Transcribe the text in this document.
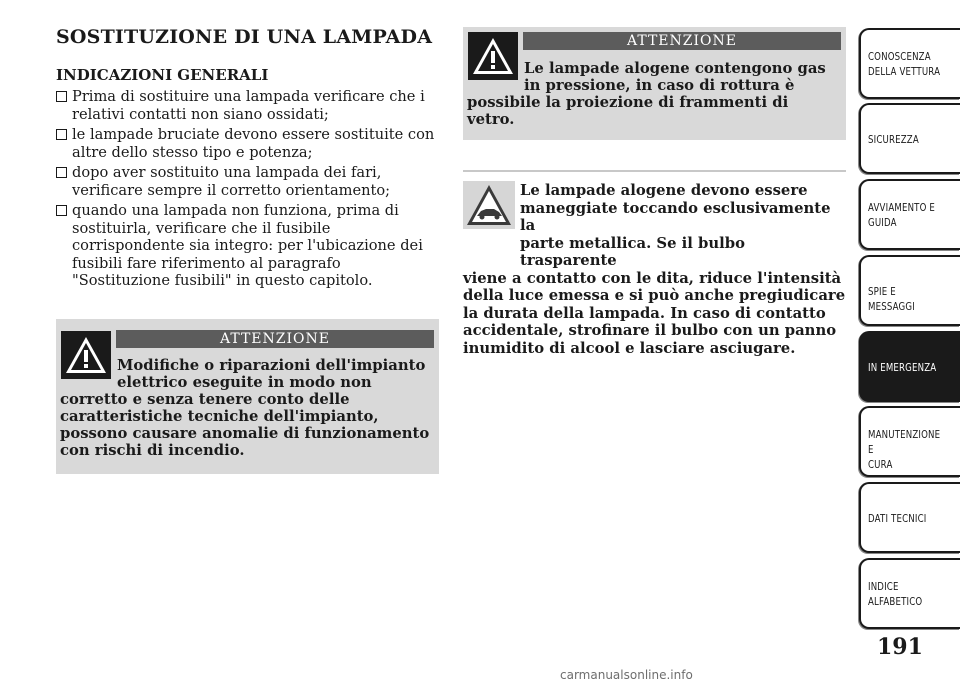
SOSTITUZIONE DI UNA LAMPADA
INDICAZIONI GENERALI
Prima di sostituire una lampada verificare che i relativi contatti non siano ossidati;
le lampade bruciate devono essere sostituite con altre dello stesso tipo e potenza;
dopo aver sostituito una lampada dei fari, verificare sempre il corretto orientamento;
quando una lampada non funziona, prima di sostituirla, verificare che il fusibile corrispondente sia integro: per l'ubicazione dei fusibili fare riferimento al paragrafo "Sostituzione fusibili" in questo capitolo.
ATTENZIONE
Modifiche o riparazioni dell'impianto
elettrico eseguite in modo non
corretto e senza tenere conto delle
caratteristiche tecniche dell'impianto,
possono causare anomalie di funzionamento
con rischi di incendio.
ATTENZIONE
Le lampade alogene contengono gas
in pressione, in caso di rottura è
possibile la proiezione di frammenti di
vetro.
Le lampade alogene devono essere
maneggiate toccando esclusivamente la
parte metallica. Se il bulbo trasparente
viene a contatto con le dita, riduce l'intensità
della luce emessa e si può anche pregiudicare
la durata della lampada. In caso di contatto
accidentale, strofinare il bulbo con un panno
inumidito di alcool e lasciare asciugare.
CONOSCENZA
DELLA VETTURA
SICUREZZA
AVVIAMENTO E
GUIDA
SPIE E MESSAGGI
IN EMERGENZA
MANUTENZIONE E
CURA
DATI TECNICI
INDICE
ALFABETICO
191
carmanualsonline.info
